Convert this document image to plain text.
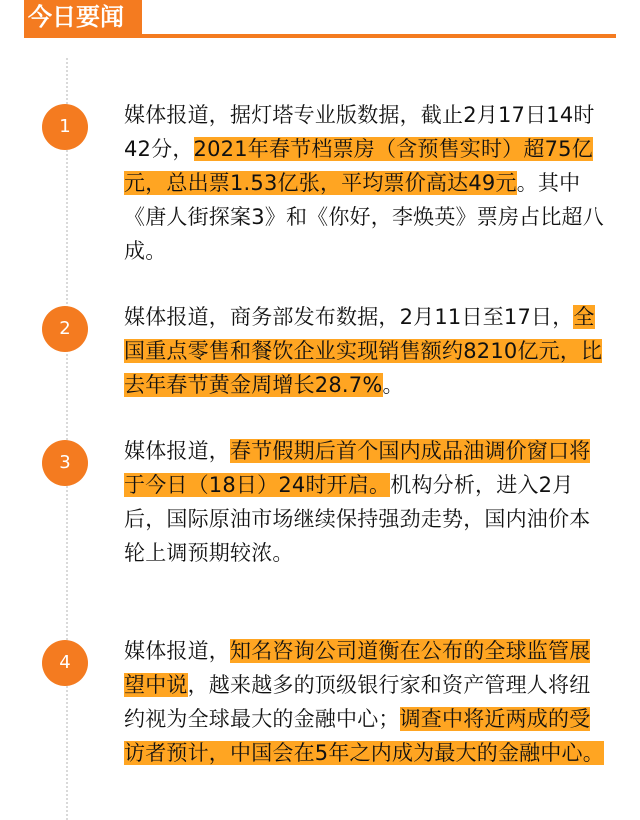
今日要闻
1	媒体报道，据灯塔专业版数据，截止2月17日14时42分，2021年春节档票房（含预售实时）超75亿元，总出票1.53亿张，平均票价高达49元。其中《唐人街探案3》和《你好，李焕英》票房占比超八成。
2	媒体报道，商务部发布数据，2月11日至17日，全国重点零售和餐饮企业实现销售额约8210亿元，比去年春节黄金周增长28.7%。
3	媒体报道，春节假期后首个国内成品油调价窗口将于今日（18日）24时开启。机构分析，进入2月后，国际原油市场继续保持强劲走势，国内油价本轮上调预期较浓。
4	媒体报道，知名咨询公司道衡在公布的全球监管展望中说，越来越多的顶级银行家和资产管理人将纽约视为全球最大的金融中心；调查中将近两成的受访者预计，中国会在5年之内成为最大的金融中心。
